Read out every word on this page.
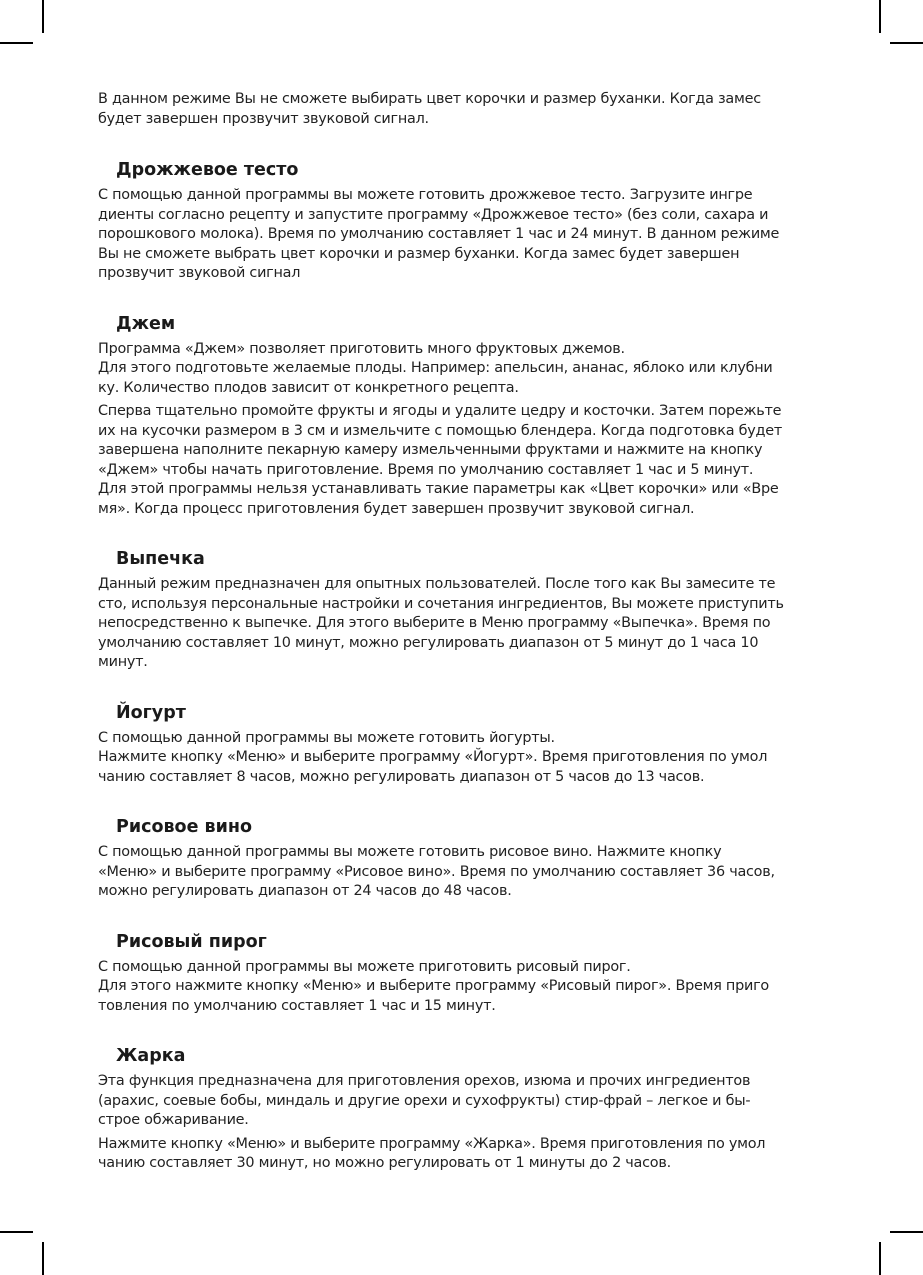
В данном режиме Вы не сможете выбирать цвет корочки и размер буханки. Когда замес

будет завершен прозвучит звуковой сигнал.

Дрожжевое тесто

С помощью данной программы вы можете готовить дрожжевое тесто. Загрузите ингре

диенты согласно рецепту и запустите программу «Дрожжевое тесто» (без соли, сахара и

порошкового молока). Время по умолчанию составляет 1 час и 24 минут. В данном режиме

Вы не сможете выбрать цвет корочки и размер буханки. Когда замес будет завершен

прозвучит звуковой сигнал

Джем

Программа «Джем» позволяет приготовить много фруктовых джемов.

Для этого подготовьте желаемые плоды. Например: апельсин, ананас, яблоко или клубни

ку. Количество плодов зависит от конкретного рецепта.

Сперва тщательно промойте фрукты и ягоды и удалите цедру и косточки. Затем порежьте

их на кусочки размером в 3 см и измельчите с помощью блендера. Когда подготовка будет

завершена наполните пекарную камеру измельченными фруктами и нажмите на кнопку

«Джем» чтобы начать приготовление. Время по умолчанию составляет 1 час и 5 минут.

Для этой программы нельзя устанавливать такие параметры как «Цвет корочки» или «Вре

мя». Когда процесс приготовления будет завершен прозвучит звуковой сигнал.

Выпечка

Данный режим предназначен для опытных пользователей. После того как Вы замесите те

сто, используя персональные настройки и сочетания ингредиентов, Вы можете приступить

непосредственно к выпечке. Для этого выберите в Меню программу «Выпечка». Время по

умолчанию составляет 10 минут, можно регулировать диапазон от 5 минут до 1 часа 10

минут.

Йогурт

С помощью данной программы вы можете готовить йогурты.

Нажмите кнопку «Меню» и выберите программу «Йогурт». Время приготовления по умол

чанию составляет 8 часов, можно регулировать диапазон от 5 часов до 13 часов.

Рисовое вино

С помощью данной программы вы можете готовить рисовое вино. Нажмите кнопку

«Меню» и выберите программу «Рисовое вино». Время по умолчанию составляет 36 часов,

можно регулировать диапазон от 24 часов до 48 часов.

Рисовый пирог

С помощью данной программы вы можете приготовить рисовый пирог.

Для этого нажмите кнопку «Меню» и выберите программу «Рисовый пирог». Время приго

товления по умолчанию составляет 1 час и 15 минут.

Жарка

Эта функция предназначена для приготовления орехов, изюма и прочих ингредиентов

(арахис, соевые бобы, миндаль и другие орехи и сухофрукты) стир-фрай – легкое и бы-

строе обжаривание.

Нажмите кнопку «Меню» и выберите программу «Жарка». Время приготовления по умол

чанию составляет 30 минут, но можно регулировать от 1 минуты до 2 часов.
